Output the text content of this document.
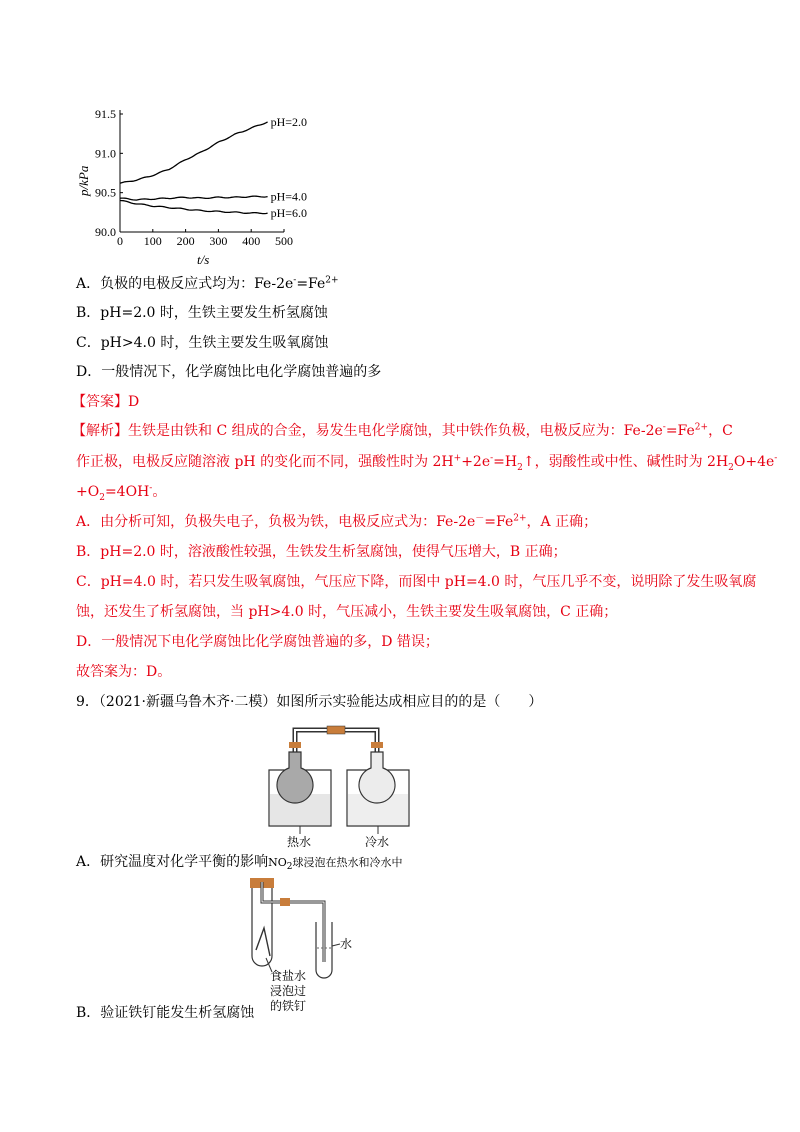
pH=2.0
pH=4.0
pH=6.0
0 100 200 300 400 500
90.0
90.5
91.0
91.5
p/kPa
t/s
A．负极的电极反应式均为：$Fe-2e^-=Fe^{2+}$
B．pH=2.0 时，生铁主要发生析氢腐蚀
C．pH>4.0 时，生铁主要发生吸氧腐蚀
D．一般情况下，化学腐蚀比电化学腐蚀普遍的多
【答案】D
【解析】生铁是由铁和 C 组成的合金，易发生电化学腐蚀，其中铁作负极，电极反应为：$Fe-2e^-=Fe^{2+}$，C
作正极，电极反应随溶液 pH 的变化而不同，强酸性时为 $2H^++2e^-=H_2↑$，弱酸性或中性、碱性时为 $2H_2O+4e^-$
$+O_2=4OH^-$。
A．由分析可知，负极失电子，负极为铁，电极反应式为：$Fe-2e^-=Fe^{2+}$，A 正确；
B．pH=2.0 时，溶液酸性较强，生铁发生析氢腐蚀，使得气压增大，B 正确；
C．pH=4.0 时，若只发生吸氧腐蚀，气压应下降，而图中 pH=4.0 时，气压几乎不变，说明除了发生吸氧腐
蚀，还发生了析氢腐蚀，当 pH>4.0 时，气压减小，生铁主要发生吸氧腐蚀，C 正确；
D．一般情况下电化学腐蚀比化学腐蚀普遍的多，D 错误；
故答案为：D。
9．（2021·新疆乌鲁木齐·二模）如图所示实验能达成相应目的的是（　　）
热水	冷水
A．研究温度对化学平衡的影响$NO_2$球浸泡在热水和冷水中
水
食盐水
浸泡过
的铁钉
B．验证铁钉能发生析氢腐蚀
